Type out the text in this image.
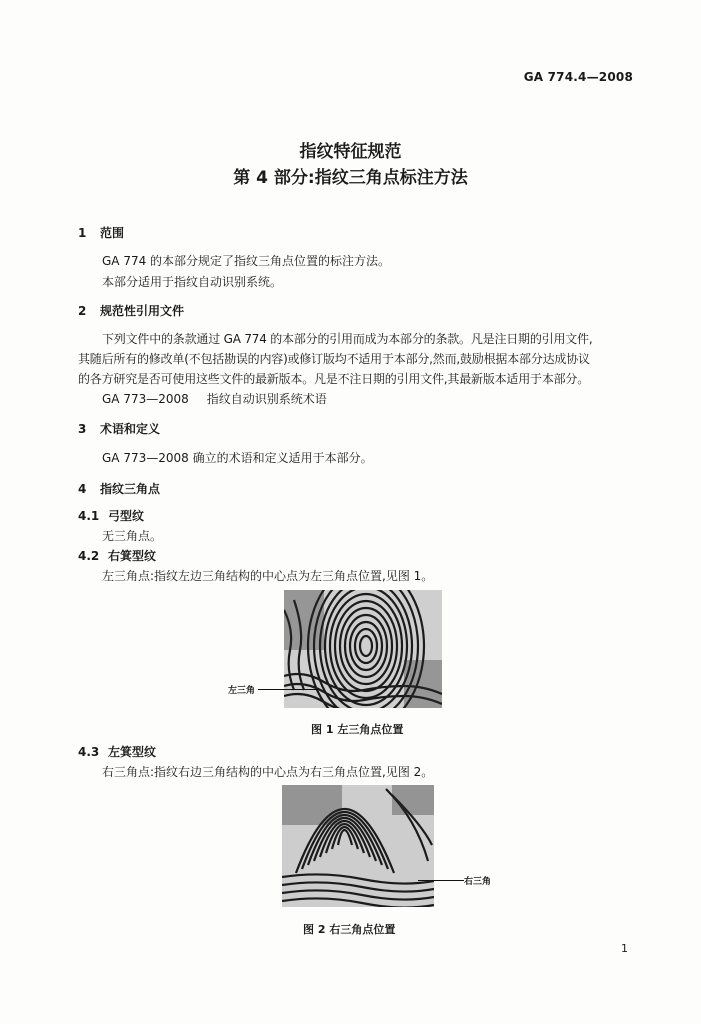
GA 774.4—2008
指纹特征规范
第 4 部分:指纹三角点标注方法
1 范围
GA 774 的本部分规定了指纹三角点位置的标注方法。
本部分适用于指纹自动识别系统。
2 规范性引用文件
下列文件中的条款通过 GA 774 的本部分的引用而成为本部分的条款。凡是注日期的引用文件,
其随后所有的修改单(不包括勘误的内容)或修订版均不适用于本部分,然而,鼓励根据本部分达成协议
的各方研究是否可使用这些文件的最新版本。凡是不注日期的引用文件,其最新版本适用于本部分。
GA 773—2008 指纹自动识别系统术语
3 术语和定义
GA 773—2008 确立的术语和定义适用于本部分。
4 指纹三角点
4.1 弓型纹
无三角点。
4.2 右箕型纹
左三角点:指纹左边三角结构的中心点为左三角点位置,见图 1。
左三角
图 1 左三角点位置
4.3 左箕型纹
右三角点:指纹右边三角结构的中心点为右三角点位置,见图 2。
右三角
图 2 右三角点位置
1
